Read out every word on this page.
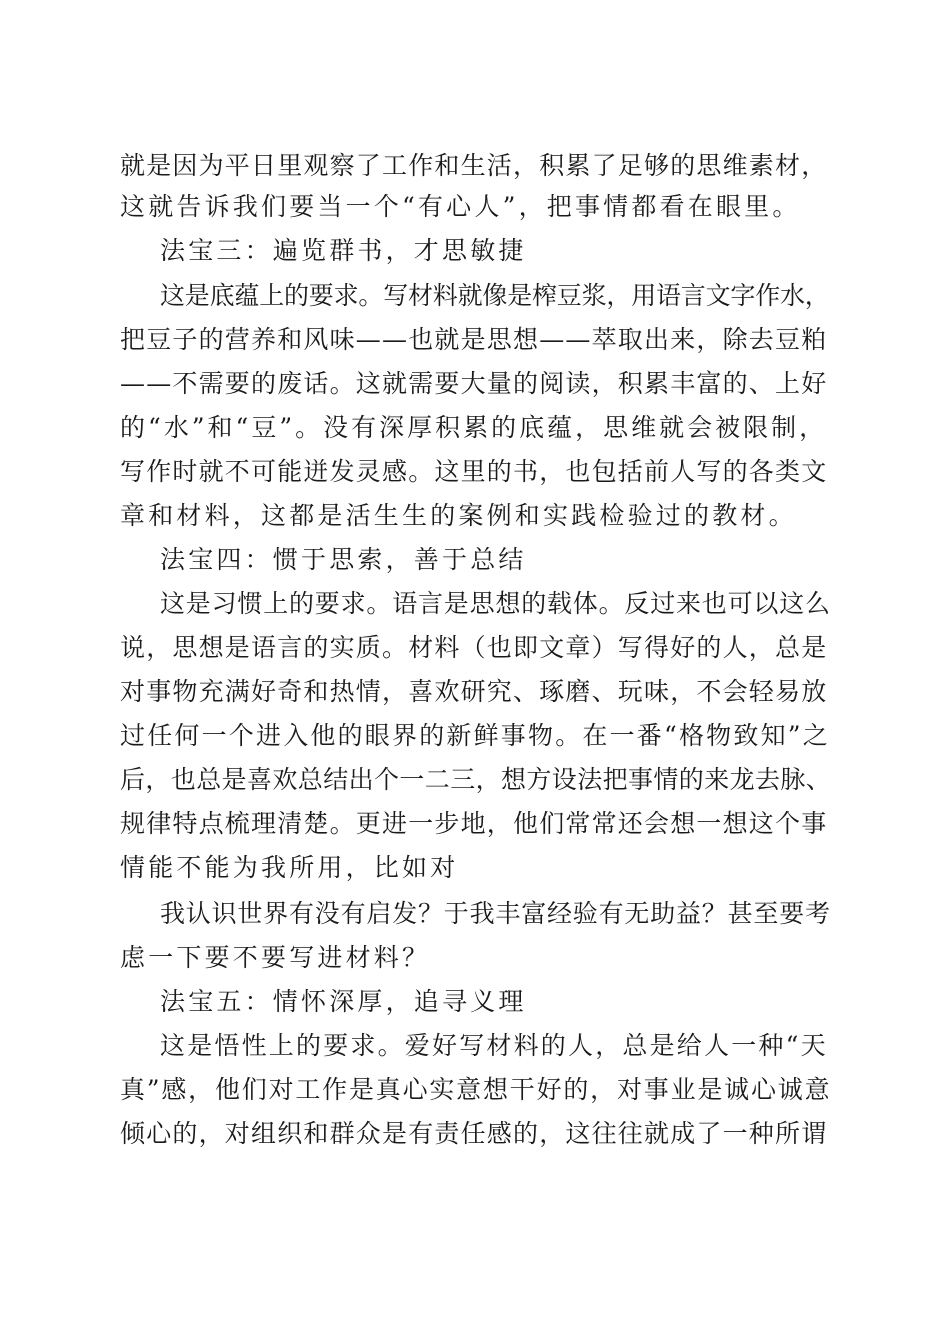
就是因为平日里观察了工作和生活，积累了足够的思维素材，
这就告诉我们要当一个“有心人”，把事情都看在眼里。
法宝三：遍览群书，才思敏捷
这是底蕴上的要求。写材料就像是榨豆浆，用语言文字作水，
把豆子的营养和风味——也就是思想——萃取出来，除去豆粕
——不需要的废话。这就需要大量的阅读，积累丰富的、上好
的“水”和“豆”。没有深厚积累的底蕴，思维就会被限制，
写作时就不可能迸发灵感。这里的书，也包括前人写的各类文
章和材料，这都是活生生的案例和实践检验过的教材。
法宝四：惯于思索，善于总结
这是习惯上的要求。语言是思想的载体。反过来也可以这么
说，思想是语言的实质。材料（也即文章）写得好的人，总是
对事物充满好奇和热情，喜欢研究、琢磨、玩味，不会轻易放
过任何一个进入他的眼界的新鲜事物。在一番“格物致知”之
后，也总是喜欢总结出个一二三，想方设法把事情的来龙去脉、
规律特点梳理清楚。更进一步地，他们常常还会想一想这个事
情能不能为我所用，比如对
我认识世界有没有启发？于我丰富经验有无助益？甚至要考
虑一下要不要写进材料？
法宝五：情怀深厚，追寻义理
这是悟性上的要求。爱好写材料的人，总是给人一种“天
真”感，他们对工作是真心实意想干好的，对事业是诚心诚意
倾心的，对组织和群众是有责任感的，这往往就成了一种所谓
